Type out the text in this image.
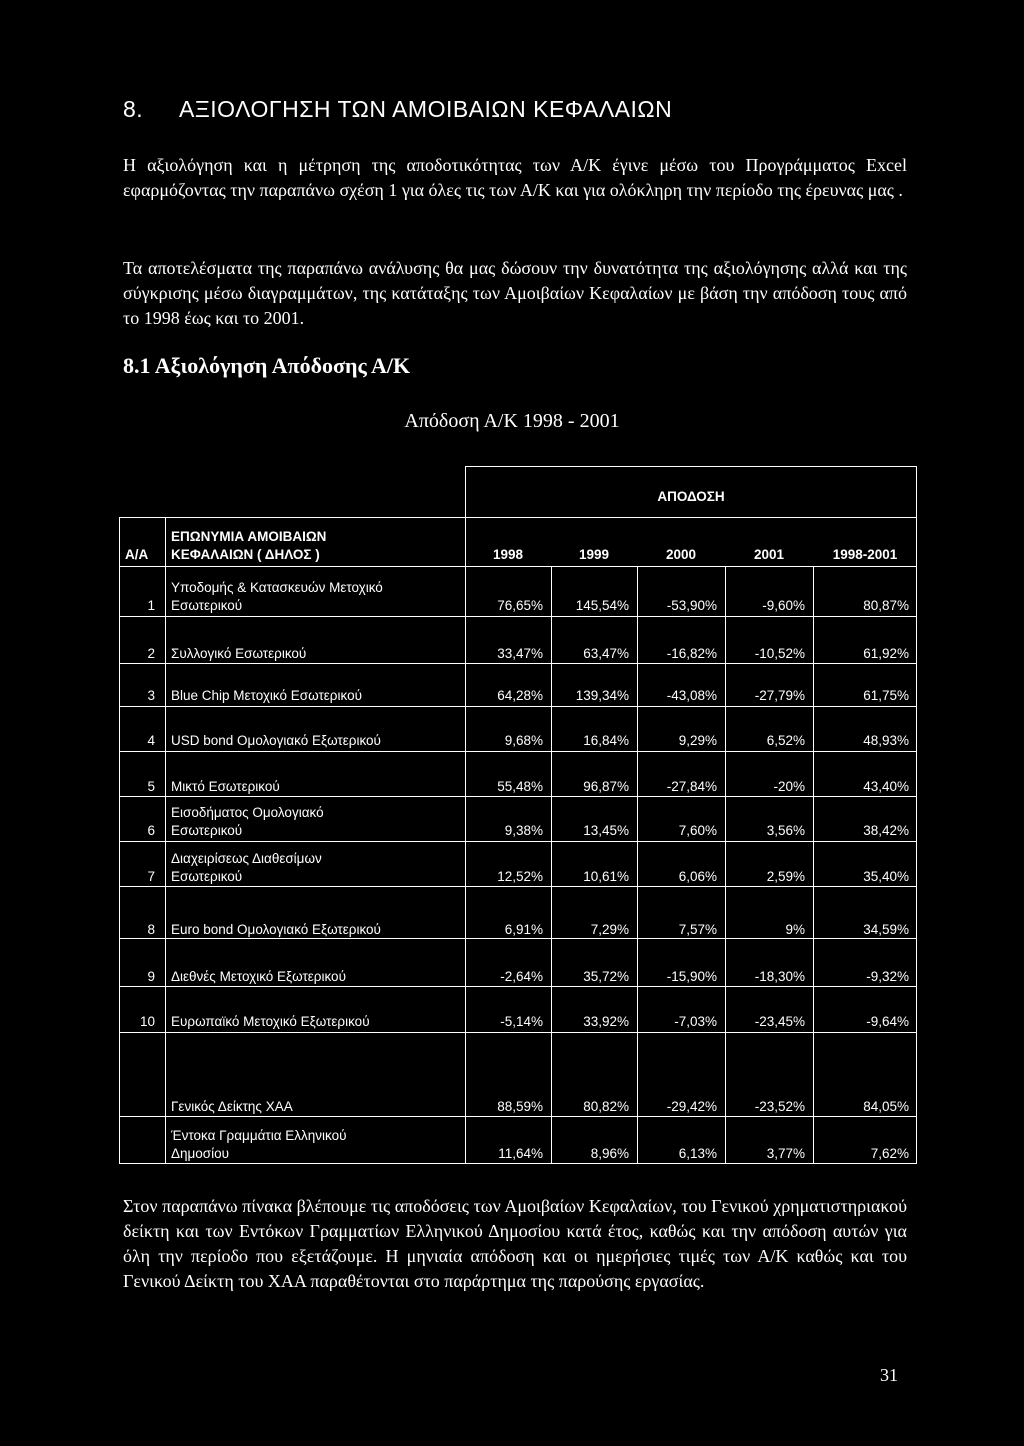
8. ΑΞΙΟΛΟΓΗΣΗ ΤΩΝ ΑΜΟΙΒΑΙΩΝ ΚΕΦΑΛΑΙΩΝ
Η αξιολόγηση και η μέτρηση της αποδοτικότητας των Α/Κ έγινε μέσω του Προγράμματος Excel εφαρμόζοντας την παραπάνω σχέση 1 για όλες τις των Α/Κ και για ολόκληρη την περίοδο της έρευνας μας .
Τα αποτελέσματα της παραπάνω ανάλυσης θα μας δώσουν την δυνατότητα της αξιολόγησης αλλά και της σύγκρισης μέσω διαγραμμάτων, της κατάταξης των Αμοιβαίων Κεφαλαίων με βάση την απόδοση τους από το 1998 έως και το 2001.
8.1 Αξιολόγηση Απόδοσης Α/Κ
Απόδοση Α/Κ 1998 - 2001
ΑΠΟΔΟΣΗ
Α/Α
ΕΠΩΝΥΜΙΑ ΑΜΟΙΒΑΙΩΝ
ΚΕΦΑΛΑΙΩΝ ( ΔΗΛΟΣ )	1998	1999	2000	2001	1998-2001
1
Υποδομής & Κατασκευών Μετοχικό
Εσωτερικού	76,65%	145,54%	-53,90%	-9,60%	80,87%
2 Συλλογικό Εσωτερικού	33,47%	63,47%	-16,82%	-10,52%	61,92%
3 Blue Chip Μετοχικό Εσωτερικού	64,28%	139,34%	-43,08%	-27,79%	61,75%
4 USD bond Ομολογιακό Εξωτερικού	9,68%	16,84%	9,29%	6,52%	48,93%
5 Μικτό Εσωτερικού	55,48%	96,87%	-27,84%	-20%	43,40%
6
Εισοδήματος Ομολογιακό
Εσωτερικού	9,38%	13,45%	7,60%	3,56%	38,42%
7
Διαχειρίσεως Διαθεσίμων
Εσωτερικού	12,52%	10,61%	6,06%	2,59%	35,40%
8 Euro bond Ομολογιακό Εξωτερικού	6,91%	7,29%	7,57%	9%	34,59%
9 Διεθνές Μετοχικό Εξωτερικού	-2,64%	35,72%	-15,90%	-18,30%	-9,32%
10 Ευρωπαϊκό Μετοχικό Εξωτερικού	-5,14%	33,92%	-7,03%	-23,45%	-9,64%
Γενικός Δείκτης ΧΑΑ	88,59%	80,82%	-29,42%	-23,52%	84,05%
Έντοκα Γραμμάτια Ελληνικού
Δημοσίου	11,64%	8,96%	6,13%	3,77%	7,62%
Στον παραπάνω πίνακα βλέπουμε τις αποδόσεις των Αμοιβαίων Κεφαλαίων, του Γενικού χρηματιστηριακού δείκτη και των Εντόκων Γραμματίων Ελληνικού Δημοσίου κατά έτος, καθώς και την απόδοση αυτών για όλη την περίοδο που εξετάζουμε. Η μηνιαία απόδοση και οι ημερήσιες τιμές των Α/Κ καθώς και του Γενικού Δείκτη του ΧΑΑ παραθέτονται στο παράρτημα της παρούσης εργασίας.
31
